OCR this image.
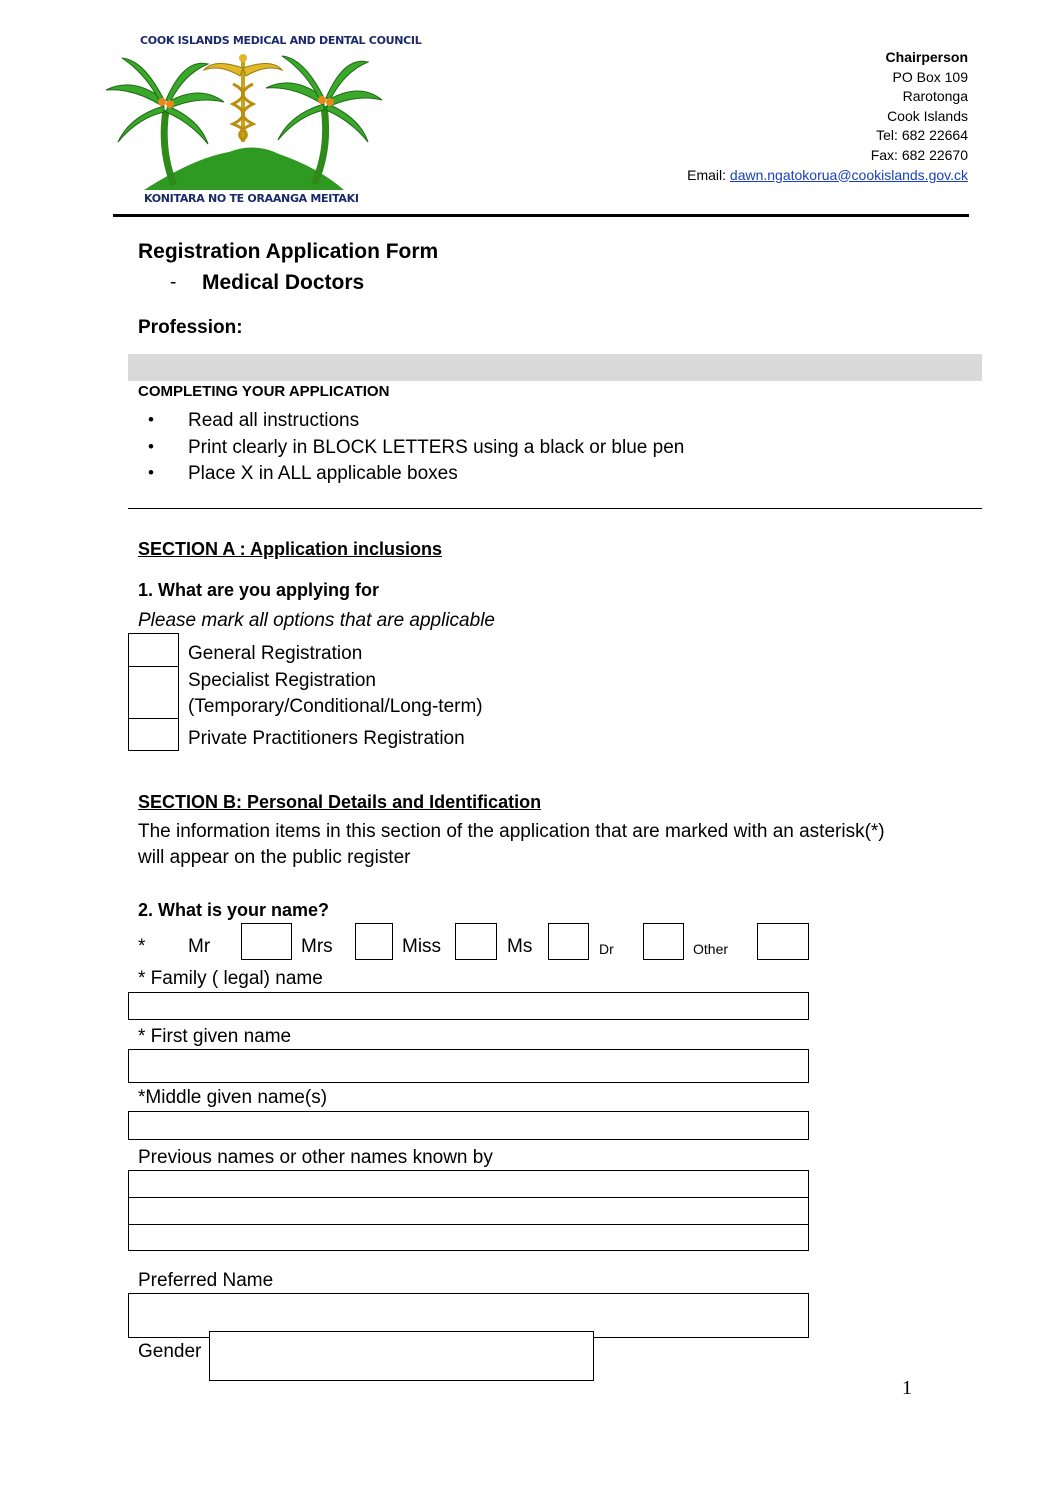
COOK ISLANDS MEDICAL AND DENTAL COUNCIL
KONITARA NO TE ORAANGA MEITAKI
Chairperson
PO Box 109
Rarotonga
Cook Islands
Tel: 682 22664
Fax: 682 22670
Email: dawn.ngatokorua@cookislands.gov.ck
Registration Application Form
- Medical Doctors
Profession:
COMPLETING YOUR APPLICATION
• Read all instructions
• Print clearly in BLOCK LETTERS using a black or blue pen
• Place X in ALL applicable boxes
SECTION A : Application inclusions
1. What are you applying for
Please mark all options that are applicable
General Registration
Specialist Registration
(Temporary/Conditional/Long-term)
Private Practitioners Registration
SECTION B: Personal Details and Identification
The information items in this section of the application that are marked with an asterisk(*)
will appear on the public register
2. What is your name?
* Mr	Mrs	Miss	Ms	Dr	Other
* Family ( legal) name
* First given name
*Middle given name(s)
Previous names or other names known by
Preferred Name
Gender
1
